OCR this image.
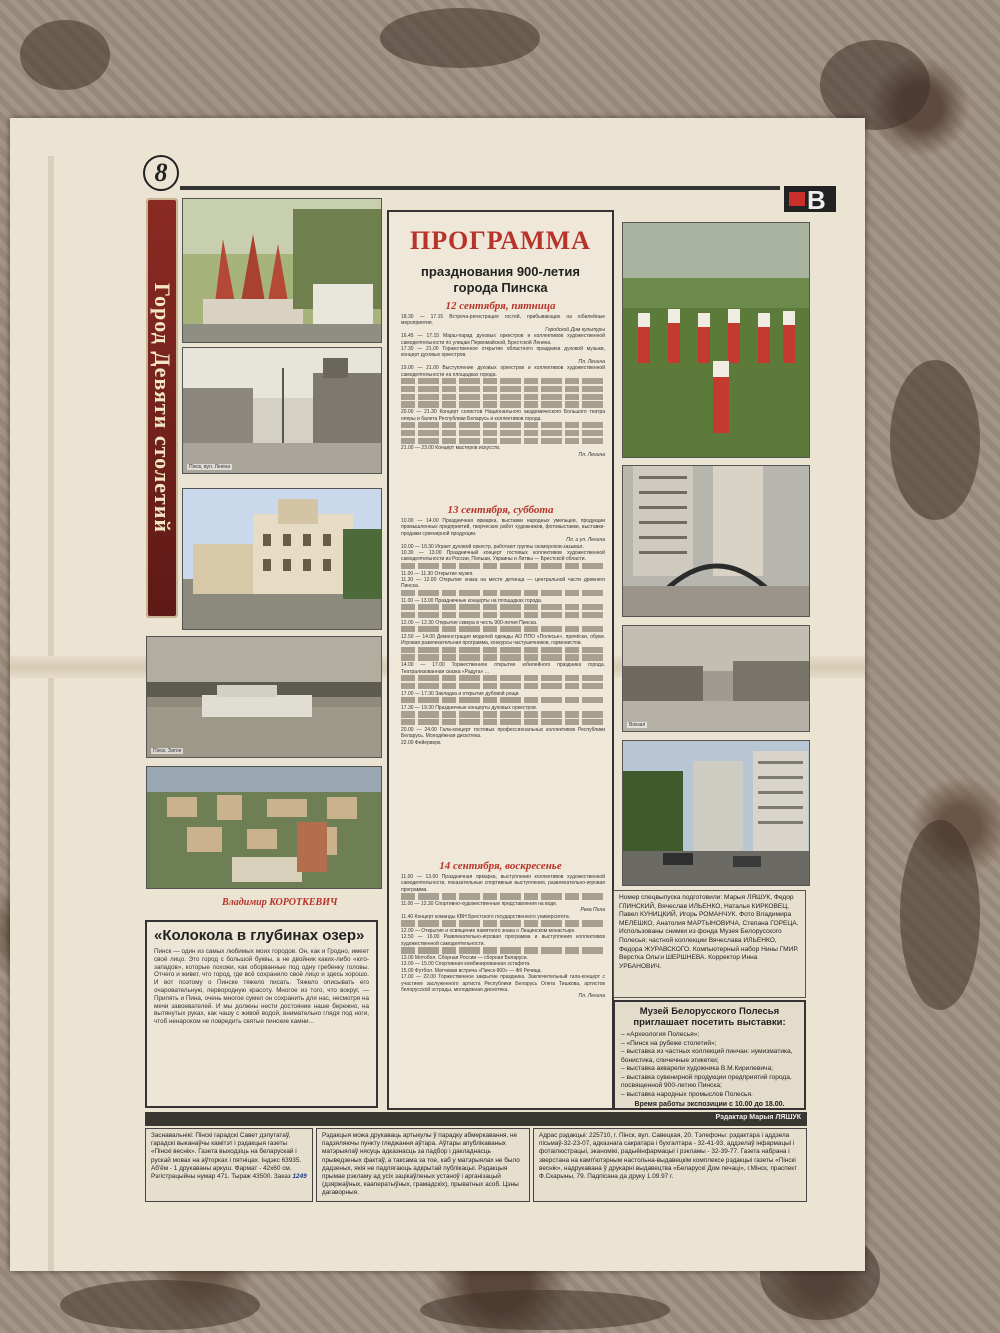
8
В
Город Девяти столетий	Пінск, вул. Леніна
Пінск. Затон
ПРОГРАММА
празднования 900-летия
города Пинска
12 сентября, пятница
18.30 — 17.15 Встреча-регистрация гостей, прибывающих на юбилейные мероприятия.
Городской Дом культуры
16.45 — 17.15 Марш-парад духовых оркестров и коллективов художественной самодеятельности по улицам Первомайской, Брестской Ленина.
17.30 — 21.00 Торжественное открытие областного праздника духовой музыки, концерт духовых оркестров.
Пл. Ленина
19.00 — 21.00 Выступление духовых оркестров и коллективов художественной самодеятельности на площадках города.
20.00 — 21.30 Концерт солистов Национального академического Большого театра оперы и балета Республики Беларусь и коллективов города.
21.00 — 23.00 Концерт мастеров искусств.
Пл. Ленина
13 сентября, суббота
10.00 — 14.00 Праздничная ярмарка, выставки народных умельцев, продукции промышленных предприятий, творческих работ художников, фотовыставки, выставки-продажи сувенирной продукции.
Пл. и ул. Ленина
10.00 — 10.30 Играет духовой оркестр, работают группы скоморохов-зазывал.
10.30 — 13.00 Праздничный концерт гостевых коллективов художественной самодеятельности из России, Польши, Украины и Литвы — Брестской области.
11.00 — 11.30 Открытие музея.
11.30 — 12.00 Открытие знака на месте детинца — центральной части древнего Пинска.
11.00 — 13.00 Праздничные концерты на площадках города.
12.00 — 12.30 Открытие сквера в честь 900-летия Пинска.
12.50 — 14.00 Демонстрация моделей одежды АО ППО «Полесье», причёски, обуви. Игровая развлекательная программа, конкурсы частушечников, гармонистов.
14.00 — 17.00 Торжественное открытие юбилейного праздника города. Театрализованная сказка «Радуга» ...
17.00 — 17.30 Закладка и открытие дубовой рощи.
17.30 — 19.30 Праздничные концерты духовых оркестров.
20.00 — 24.00 Гала-концерт гостевых профессиональных коллективов Республики Беларусь. Молодёжная дискотека.
22.00 Фейерверк.
14 сентября, воскресенье
11.00 — 13.00 Праздничная ярмарка, выступления коллективов художественной самодеятельности, показательные спортивные выступления, развлекательно-игровая программа.
11.00 — 12.30 Спортивно-художественные представления на воде.
Река Пина
11.40 Концерт команды КВН Брестского государственного университета.
12.00 — Открытие и освящение памятного знака о Лещинском монастыре.
12.50 — 16.00 Развлекательно-игровая программа и выступления коллективов художественной самодеятельности.
13.00 Мотобол. Сборная России — сборная Беларуси.
13.00 — 15.00 Спортивная комбинированная эстафета.
15.00 Футбол. Матчевая встреча «Пинск-900» — ФК Речица.
17.00 — 22.00 Торжественное закрытие праздника. Заключительный гала-концерт с участием заслуженного артиста Республики Беларусь Олега Тишкова, артистов белорусской эстрады, молодежная дискотека.
Пл. Ленина
Вокзал
Номер спецвыпуска подготовили: Марыя ЛЯШУК, Федор ГЛИНСКИЙ, Вячеслав ИЛЬЕНКО, Наталья КИРКОВЕЦ, Павел КУНИЦКИЙ, Игорь РОМАНЧУК. Фото Владимира МЕЛЕШКО, Анатолия МАРТЫНОВИЧА, Степана ГОРЕЦА. Использованы снимки из фонда Музея Белорусского Полесья; частной коллекции Вячеслава ИЛЬЕНКО, Федора ЖУРАВСКОГО. Компьютерный набор Нины ГМИР. Верстка Ольги ШЕРШНЕВА. Корректор Инна УРБАНОВИЧ.
Музей Белорусского Полесья приглашает посетить выставки:
– «Археология Полесья»;
– «Пинск на рубеже столетий»;
– выставка из частных коллекций пинчан: нумизматика, бонистика, спичечные этикетки;
– выставка акварели художника В.М.Кирилевича;
– выставка сувенирной продукции предприятий города, посвященной 900-летию Пинска;
– выставка народных промыслов Полесья.
Время работы экспозиции с 10.00 до 18.00.
Владимир КОРОТКЕВИЧ
«Колокола в глубинах озер»
Пинск — один из самых любимых моих городов. Он, как и Гродно, имеет своё лицо. Это город с большой буквы, а не двойник каких-либо «юго-западов», которые похожи, как оборванные под одну гребенку головы. Отчего и живет, что город, где всё сохранило своё лицо и здесь хорошо. И вот поэтому о Пинске тяжело писать. Тяжело описывать его очаровательную, первородную красоту. Многое из того, что вокруг, — Припять и Пина, очень многое сумел он сохранить для нас, несмотря на мечи завоевателей. И мы должны нести достояние наше бережно, на вытянутых руках, как чашу с живой водой, внимательно глядя под ноги, чтоб ненароком не повредить святые пинские камни...
Рэдактар Марыя ЛЯШУК
Заснавальнікі: Пінскі гарадскі Савет дэпутатаў, гарадскі выканаўчы камітэт і рэдакцыя газеты «Пінскі веснік». Газета выходзіць на беларускай і рускай мовах на аўторках і пятніцах. Індэкс 63935. Аб'ём - 1 друкаваны аркуш. Фармат - 42х60 см. Рэгістрацыйны нумар 471. Тыраж 43500. Заказ 1249
Рэдакцыя можа друкаваць артыкулы ў парадку абмеркавання, не падзяляючы пункту гледжання аўтара. Аўтары апублікаваных матэрыялаў нясуць адказнасць за падбор і дакладнасць прыведзеных фактаў, а таксама за тое, каб у матэрыялах не было дадзеных, якія не падлягаюць адкрытай публікацыі. Рэдакцыя прымае рэкламу ад усіх зацікаўленых устаноў і арганізацый (дзяржаўных, кааператыўных, грамадскіх), прыватных асоб. Цэны дагаворныя.
Адрас рэдакцыі: 225710, г. Пінск, вул. Савецкая, 20. Тэлефоны: рэдактара і аддзела пісьмаў-32-23-07, адказнага сакратара і бухгалтара - 32-41-93, аддзелаў інфармацыі і фотаілюстрацыі, эканомікі, радыёінфармацыі і рэкламы - 32-39-77. Газета набрана і зверстана на камп'ютэрным настольна-выдавецкім комплексе рэдакцыі газеты «Пінскі веснік», надрукавана ў друкарні выдавецтва «Беларускі Дом печаці», г.Мінск, праспект Ф.Скарыны, 79. Падпісана да друку 1.09.97 г.
